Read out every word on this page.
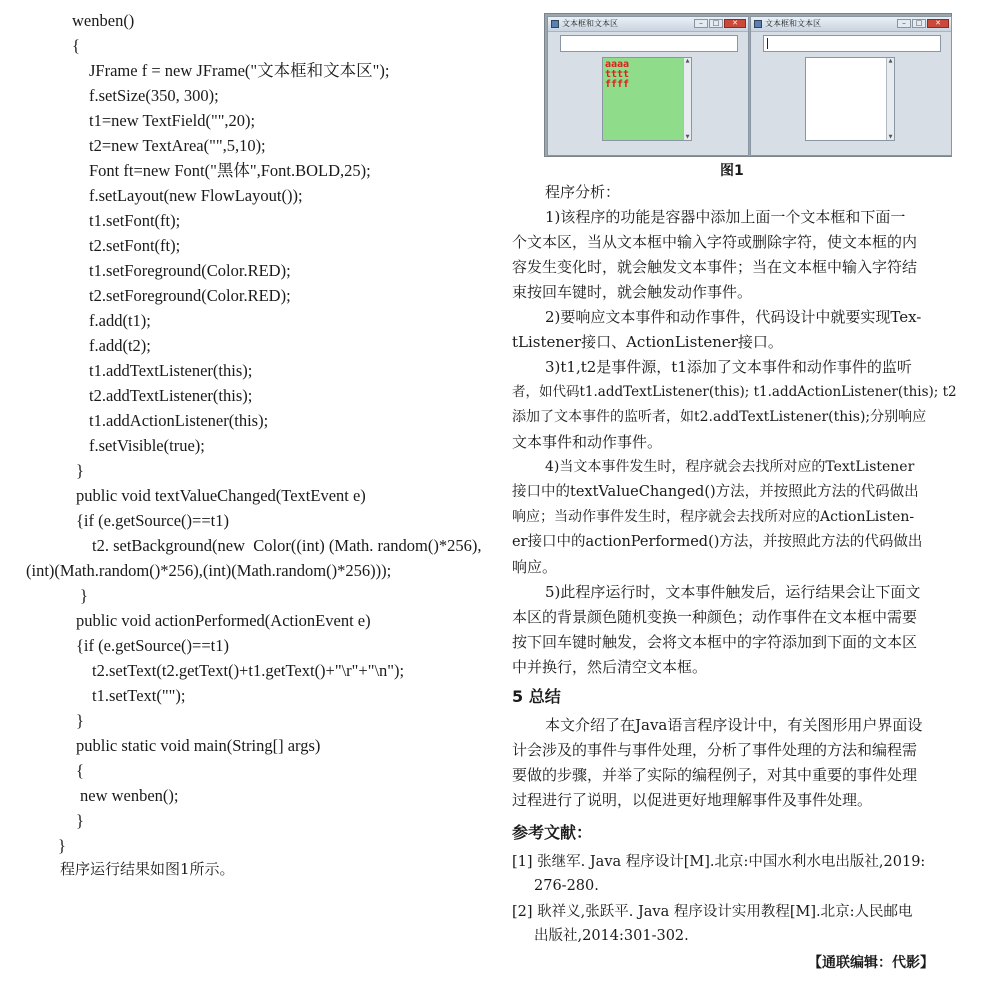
wenben()
{
JFrame f = new JFrame("文本框和文本区");
f.setSize(350, 300);
t1=new TextField("",20);
t2=new TextArea("",5,10);
Font ft=new Font("黑体",Font.BOLD,25);
f.setLayout(new FlowLayout());
t1.setFont(ft);
t2.setFont(ft);
t1.setForeground(Color.RED);
t2.setForeground(Color.RED);
f.add(t1);
f.add(t2);
t1.addTextListener(this);
t2.addTextListener(this);
t1.addActionListener(this);
f.setVisible(true);
}
public void textValueChanged(TextEvent e)
{if (e.getSource()==t1)
t2. setBackground(new  Color((int) (Math. random()*256),
(int)(Math.random()*256),(int)(Math.random()*256)));
}
public void actionPerformed(ActionEvent e)
{if (e.getSource()==t1)
t2.setText(t2.getText()+t1.getText()+"\r"+"\n");
t1.setText("");
}
public static void main(String[] args)
{
new wenben();
}
}
程序运行结果如图1所示。
文本框和文本区	–	□	✕
aaaa
tttt
ffff
▲
▼
文本框和文本区	–	□	✕
▲
▼
图1
程序分析：
1)该程序的功能是容器中添加上面一个文本框和下面一
个文本区，当从文本框中输入字符或删除字符，使文本框的内
容发生变化时，就会触发文本事件；当在文本框中输入字符结
束按回车键时，就会触发动作事件。
2)要响应文本事件和动作事件，代码设计中就要实现Tex-
tListener接口、ActionListener接口。
3)t1,t2是事件源，t1添加了文本事件和动作事件的监听
者，如代码t1.addTextListener(this); t1.addActionListener(this); t2
添加了文本事件的监听者，如t2.addTextListener(this);分别响应
文本事件和动作事件。
4)当文本事件发生时，程序就会去找所对应的TextListener
接口中的textValueChanged()方法，并按照此方法的代码做出
响应；当动作事件发生时，程序就会去找所对应的ActionListen-
er接口中的actionPerformed()方法，并按照此方法的代码做出
响应。
5)此程序运行时，文本事件触发后，运行结果会让下面文
本区的背景颜色随机变换一种颜色；动作事件在文本框中需要
按下回车键时触发，会将文本框中的字符添加到下面的文本区
中并换行，然后清空文本框。
5 总结
本文介绍了在Java语言程序设计中，有关图形用户界面设
计会涉及的事件与事件处理，分析了事件处理的方法和编程需
要做的步骤，并举了实际的编程例子，对其中重要的事件处理
过程进行了说明，以促进更好地理解事件及事件处理。
参考文献：
[1] 张继军. Java 程序设计[M].北京:中国水利水电出版社,2019:
276-280.
[2] 耿祥义,张跃平. Java 程序设计实用教程[M].北京:人民邮电
出版社,2014:301-302.
【通联编辑：代影】
